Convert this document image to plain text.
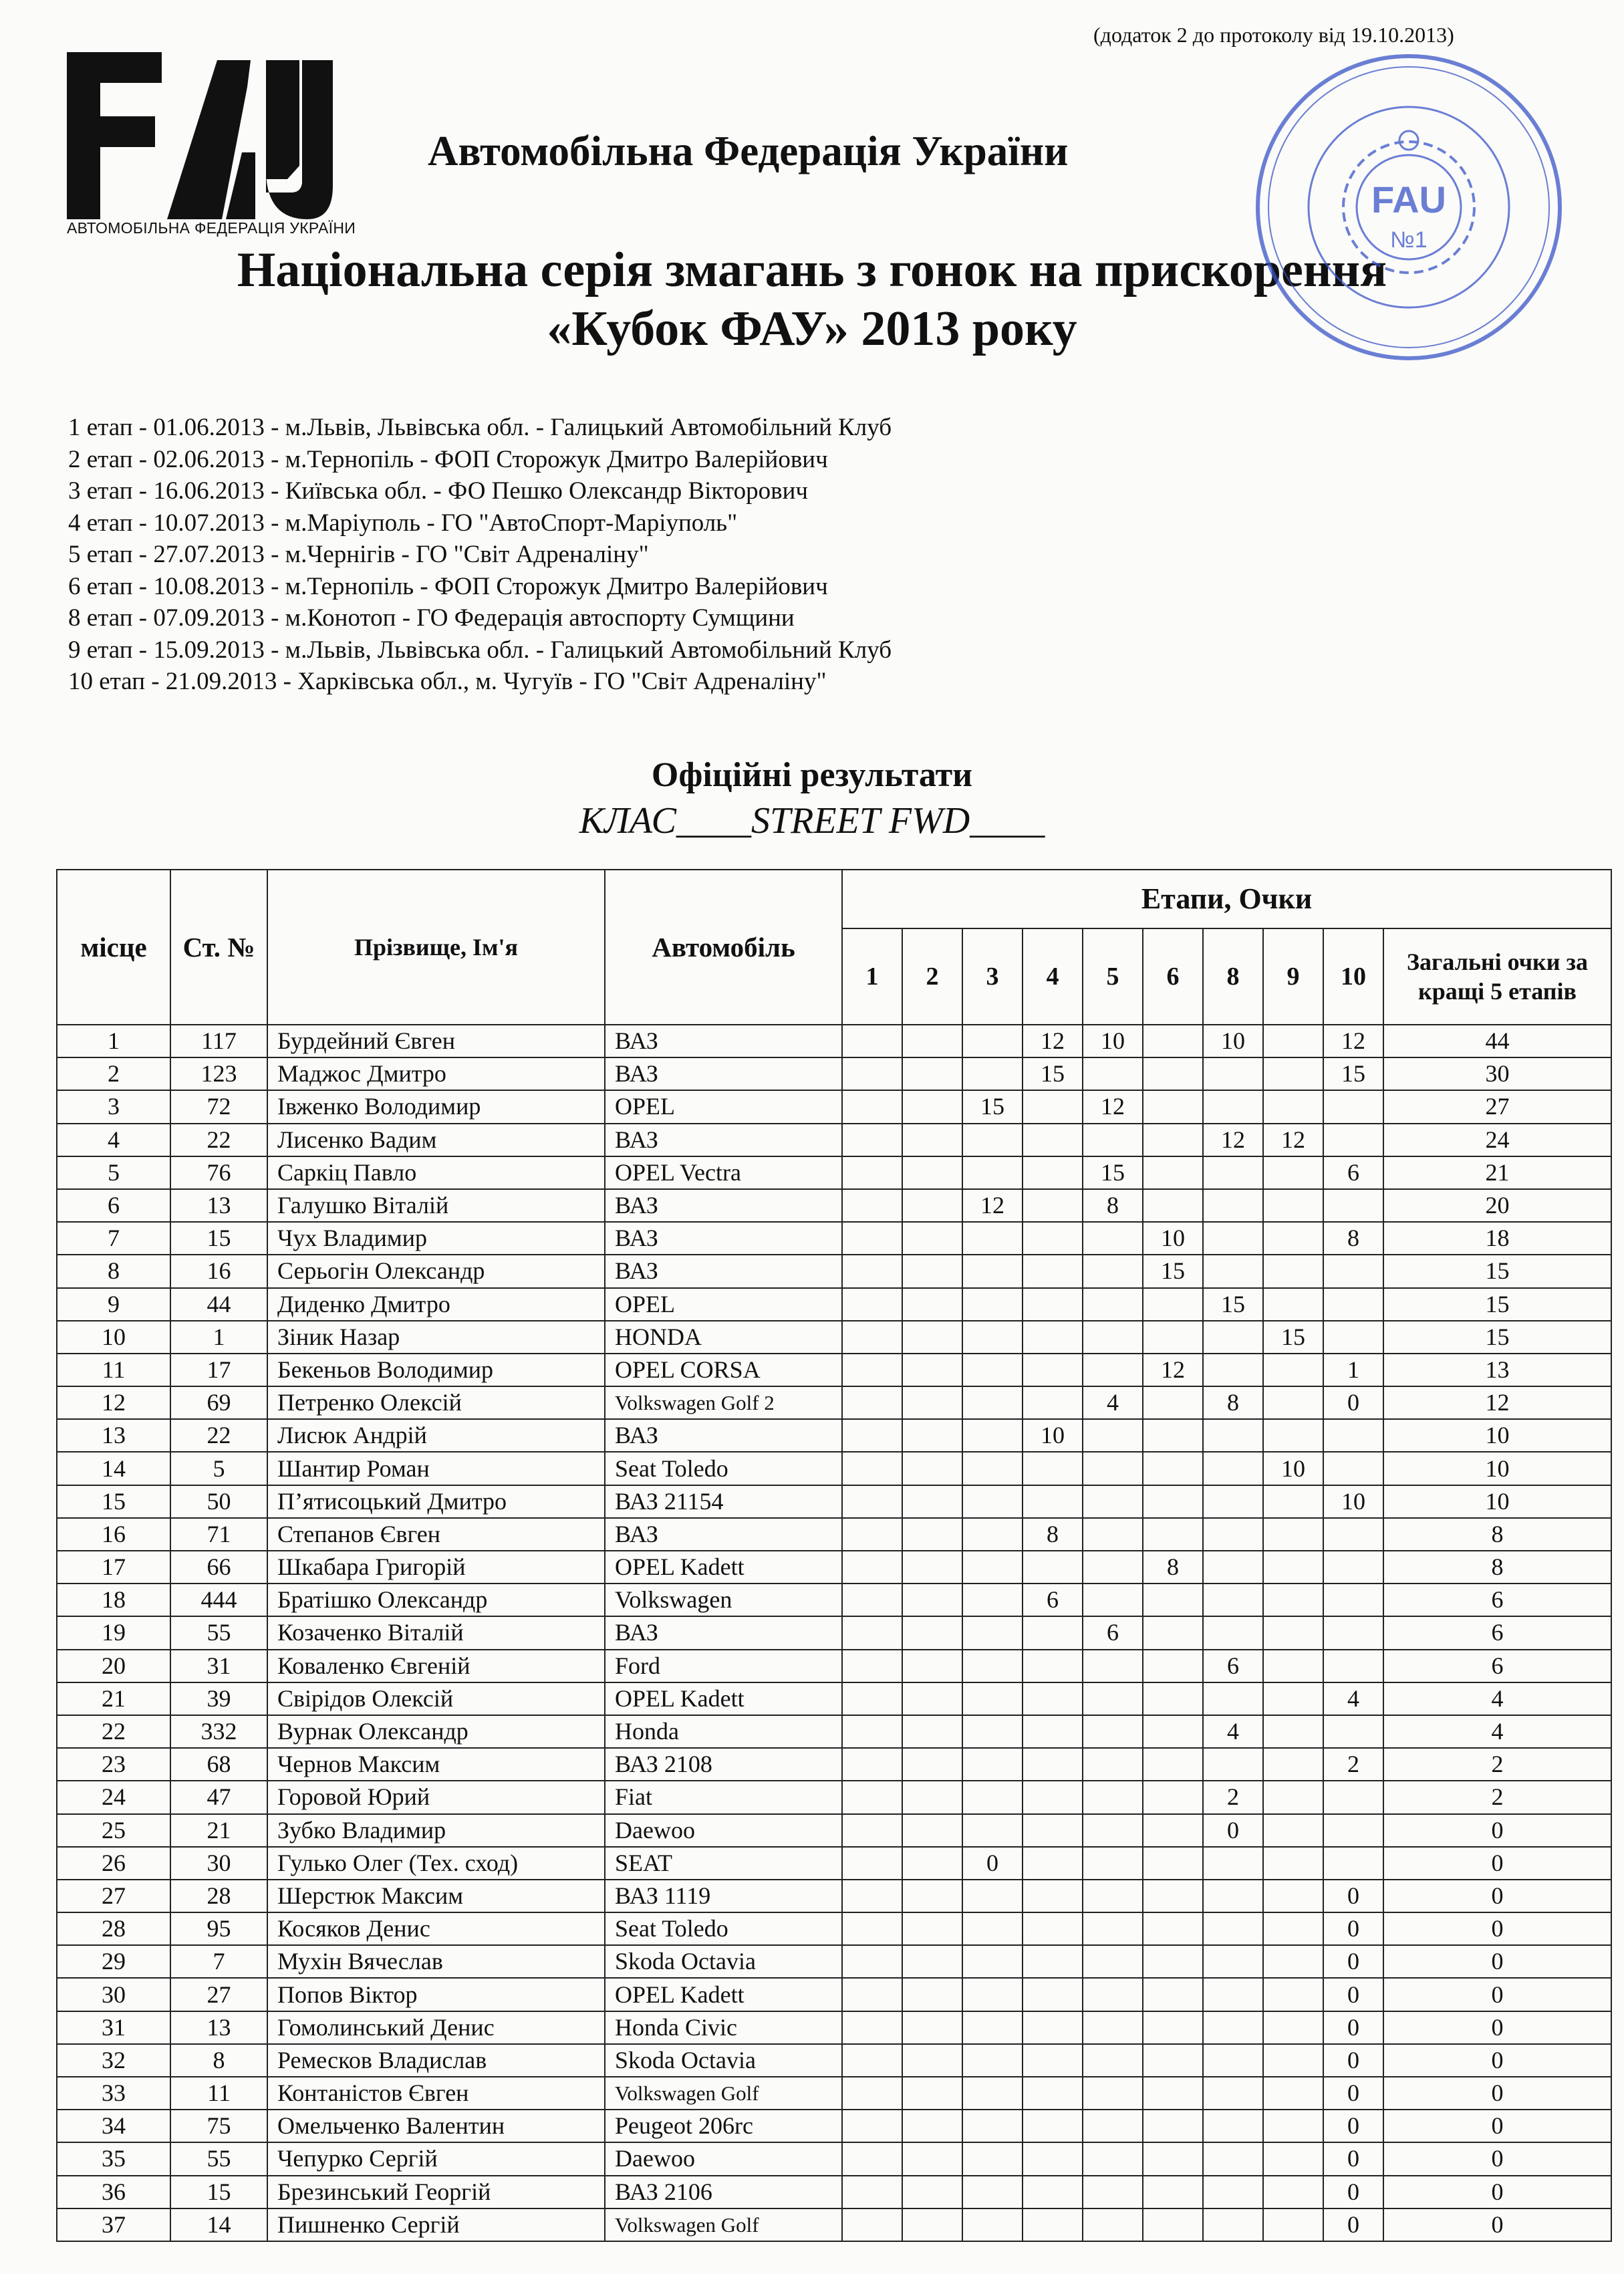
АВТОМОБІЛЬНА ФЕДЕРАЦІЯ УКРАЇНИ
(додаток 2 до протоколу від 19.10.2013)
Автомобільна Федерація України
Національна серія змагань з гонок на прискорення
«Кубок ФАУ» 2013 року
FAU
№1
1 етап - 01.06.2013 - м.Львів, Львівська обл. - Галицький Автомобільний Клуб
2 етап - 02.06.2013 - м.Тернопіль - ФОП Сторожук Дмитро Валерійович
3 етап - 16.06.2013 - Київська обл. - ФО Пешко Олександр Вікторович
4 етап - 10.07.2013 - м.Маріуполь - ГО "АвтоСпорт-Маріуполь"
5 етап - 27.07.2013 - м.Чернігів - ГО "Світ Адреналіну"
6 етап - 10.08.2013 - м.Тернопіль - ФОП Сторожук Дмитро Валерійович
8 етап - 07.09.2013 - м.Конотоп - ГО Федерація автоспорту Сумщини
9 етап - 15.09.2013 - м.Львів, Львівська обл. - Галицький Автомобільний Клуб
10 етап - 21.09.2013 - Харківська обл., м. Чугуїв - ГО "Світ Адреналіну"
Офіційні результати
КЛАС____STREET FWD____
місце	Ст. №	Прізвище, Ім'я	Автомобіль	Етапи, Очки									
				1	2	3	4	5	6	8	9	10	Загальні очки за кращі 5 етапів
1	117	Бурдейний Євген	ВАЗ				12	10		10		12	44
2	123	Маджос Дмитро	ВАЗ				15					15	30
3	72	Івженко Володимир	OPEL			15		12					27
4	22	Лисенко Вадим	ВАЗ							12	12		24
5	76	Саркіц Павло	OPEL Vectra					15				6	21
6	13	Галушко Віталій	ВАЗ			12		8					20
7	15	Чух Владимир	ВАЗ						10			8	18
8	16	Серьогін Олександр	ВАЗ						15				15
9	44	Диденко Дмитро	OPEL							15			15
10	1	Зіник Назар	HONDA								15		15
11	17	Бекеньов Володимир	OPEL CORSA						12			1	13
12	69	Петренко Олексій	Volkswagen Golf 2					4		8		0	12
13	22	Лисюк Андрій	ВАЗ				10						10
14	5	Шантир Роман	Seat Toledo								10		10
15	50	П’ятисоцький Дмитро	ВАЗ 21154									10	10
16	71	Степанов Євген	ВАЗ				8						8
17	66	Шкабара Григорій	OPEL Kadett						8				8
18	444	Братішко Олександр	Volkswagen				6						6
19	55	Козаченко Віталій	ВАЗ					6					6
20	31	Коваленко Євгеній	Ford							6			6
21	39	Свірідов Олексій	OPEL Kadett									4	4
22	332	Вурнак Олександр	Honda							4			4
23	68	Чернов Максим	ВАЗ 2108									2	2
24	47	Горовой Юрий	Fiat							2			2
25	21	Зубко Владимир	Daewoo							0			0
26	30	Гулько Олег (Тех. сход)	SEAT			0							0
27	28	Шерстюк Максим	ВАЗ 1119									0	0
28	95	Косяков Денис	Seat Toledo									0	0
29	7	Мухін Вячеслав	Skoda Octavia									0	0
30	27	Попов Віктор	OPEL Kadett									0	0
31	13	Гомолинський Денис	Honda Civic									0	0
32	8	Ремесков Владислав	Skoda Octavia									0	0
33	11	Контаністов Євген	Volkswagen Golf									0	0
34	75	Омельченко Валентин	Peugeot 206rc									0	0
35	55	Чепурко Сергій	Daewoo									0	0
36	15	Брезинський Георгій	ВАЗ 2106									0	0
37	14	Пишненко Сергій	Volkswagen Golf									0	0
